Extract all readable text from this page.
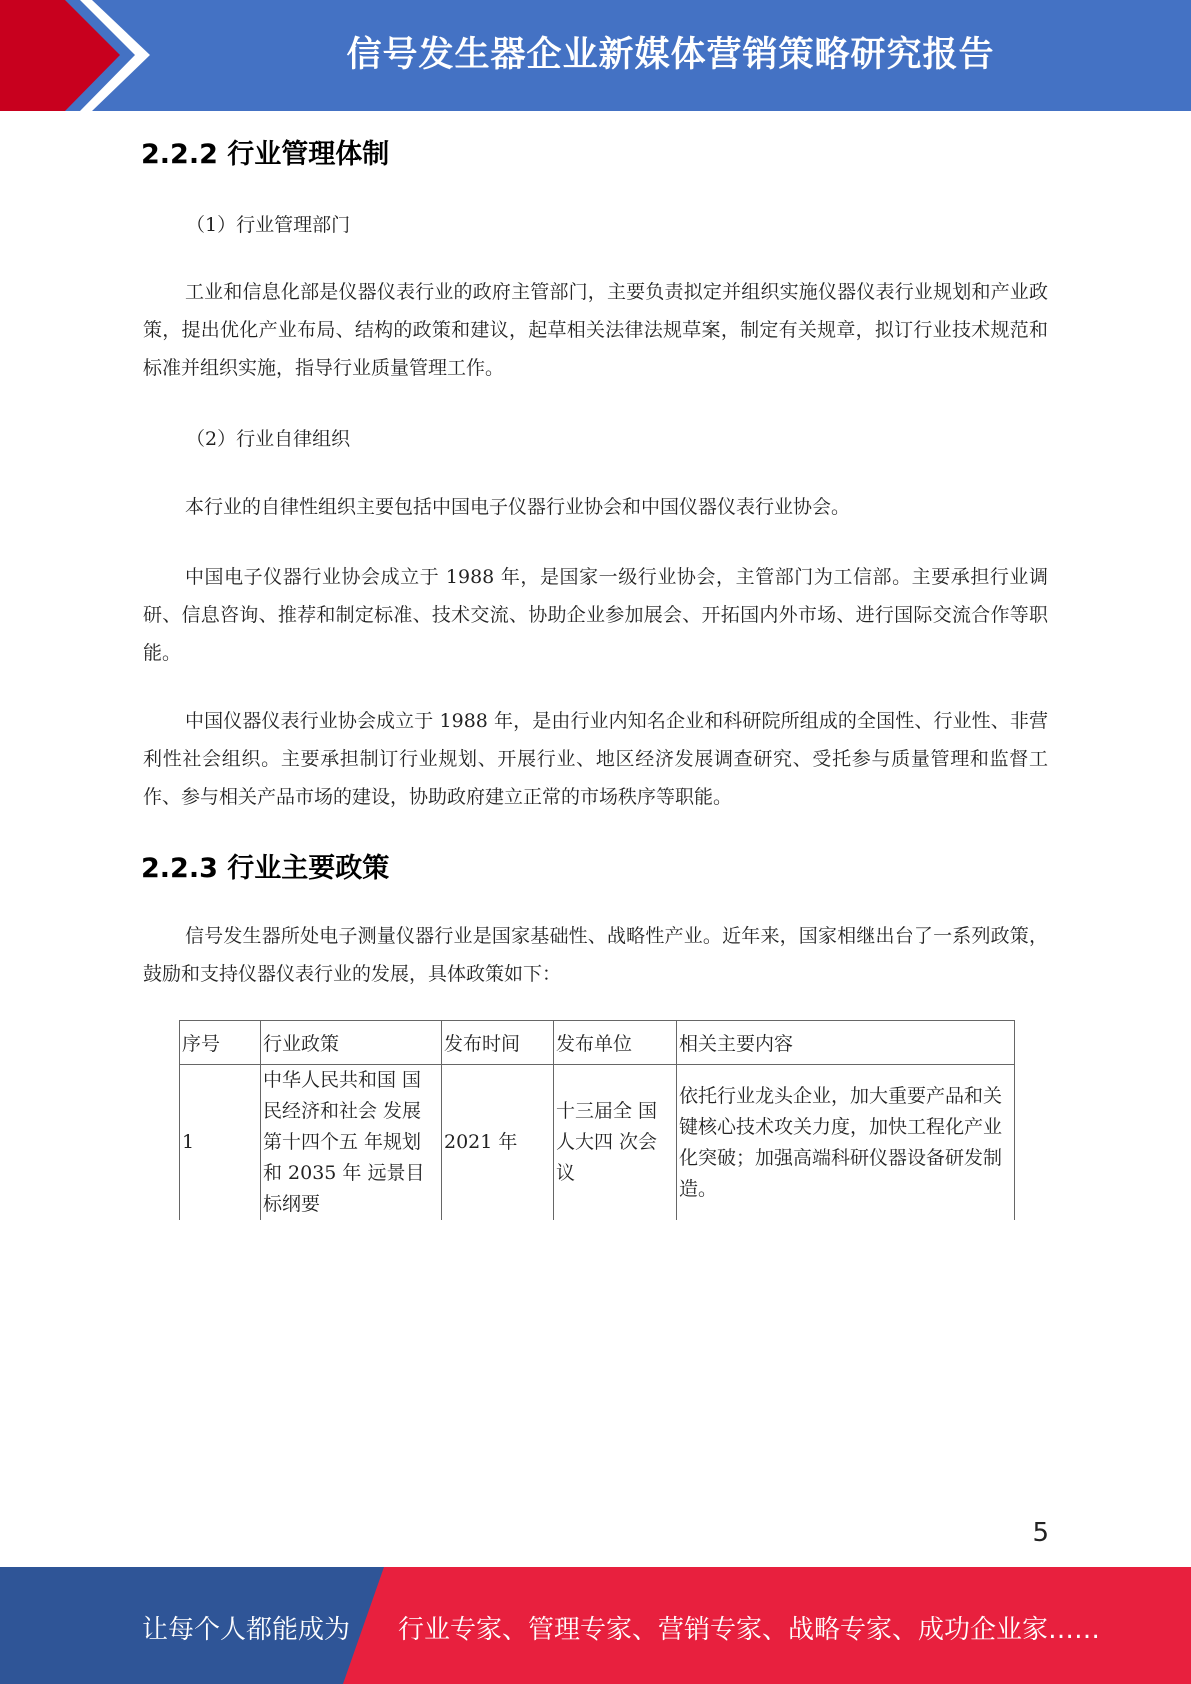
信号发生器企业新媒体营销策略研究报告
2.2.2 行业管理体制
（1）行业管理部门
工业和信息化部是仪器仪表行业的政府主管部门，主要负责拟定并组织实施仪器仪表行业规划和产业政策，提出优化产业布局、结构的政策和建议，起草相关法律法规草案，制定有关规章，拟订行业技术规范和标准并组织实施，指导行业质量管理工作。
（2）行业自律组织
本行业的自律性组织主要包括中国电子仪器行业协会和中国仪器仪表行业协会。
中国电子仪器行业协会成立于 1988 年，是国家一级行业协会，主管部门为工信部。主要承担行业调研、信息咨询、推荐和制定标准、技术交流、协助企业参加展会、开拓国内外市场、进行国际交流合作等职能。
中国仪器仪表行业协会成立于 1988 年，是由行业内知名企业和科研院所组成的全国性、行业性、非营利性社会组织。主要承担制订行业规划、开展行业、地区经济发展调查研究、受托参与质量管理和监督工作、参与相关产品市场的建设，协助政府建立正常的市场秩序等职能。
2.2.3 行业主要政策
信号发生器所处电子测量仪器行业是国家基础性、战略性产业。近年来，国家相继出台了一系列政策，鼓励和支持仪器仪表行业的发展，具体政策如下：
序号	行业政策	发布时间	发布单位	相关主要内容
1	中华人民共和国 国民经济和社会 发展第十四个五 年规划和 2035 年 远景目标纲要	2021 年	十三届全 国人大四 次会议	依托行业龙头企业，加大重要产品和关键核心技术攻关力度，加快工程化产业化突破；加强高端科研仪器设备研发制造。
5
让每个人都能成为 行业专家、管理专家、营销专家、战略专家、成功企业家……
